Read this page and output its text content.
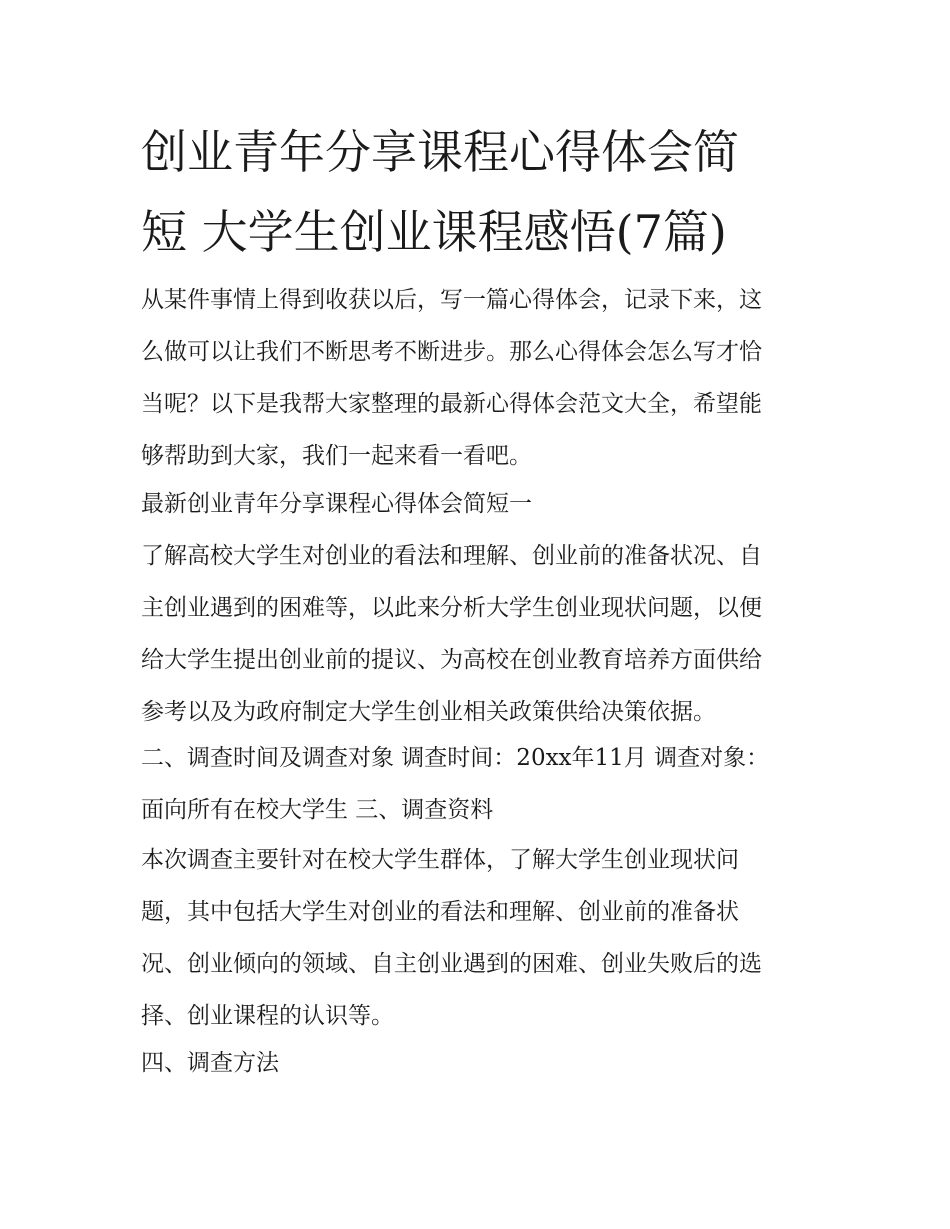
创业青年分享课程心得体会简
短 大学生创业课程感悟(7篇)

从某件事情上得到收获以后，写一篇心得体会，记录下来，这
么做可以让我们不断思考不断进步。那么心得体会怎么写才恰
当呢？以下是我帮大家整理的最新心得体会范文大全，希望能
够帮助到大家，我们一起来看一看吧。

最新创业青年分享课程心得体会简短一

了解高校大学生对创业的看法和理解、创业前的准备状况、自
主创业遇到的困难等，以此来分析大学生创业现状问题，以便
给大学生提出创业前的提议、为高校在创业教育培养方面供给
参考以及为政府制定大学生创业相关政策供给决策依据。

二、调查时间及调查对象 调查时间：20xx年11月 调查对象：
面向所有在校大学生 三、调查资料

本次调查主要针对在校大学生群体，了解大学生创业现状问
题，其中包括大学生对创业的看法和理解、创业前的准备状
况、创业倾向的领域、自主创业遇到的困难、创业失败后的选
择、创业课程的认识等。

四、调查方法
